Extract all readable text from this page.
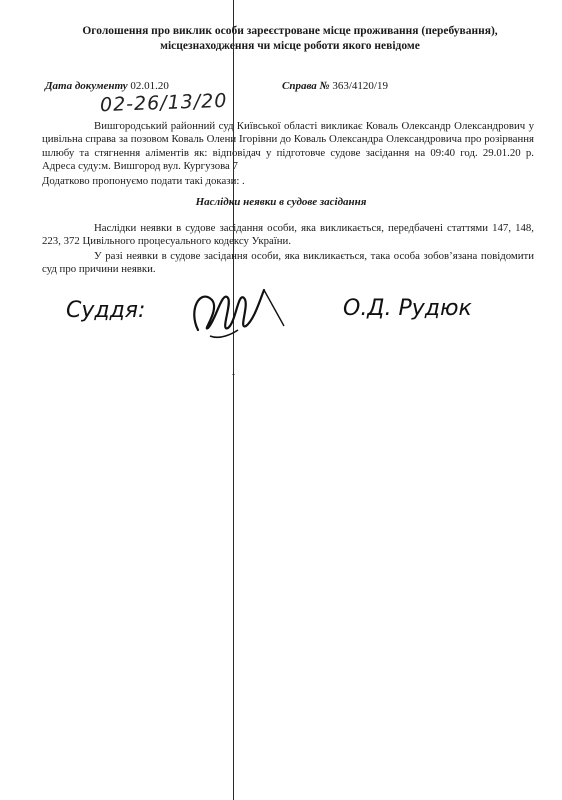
Оголошення про виклик особи зареєстроване місце проживання (перебування),
місцезнаходження чи місце роботи якого невідоме
Дата документу 02.01.20	Справа № 363/4120/19
02-26/13/20
Вишгородський районний суд Київської області викликає Коваль Олександр Олександрович у цивільна справа за позовом Коваль Олени Ігорівни до Коваль Олександра Олександровича про розірвання шлюбу та стягнення аліментів як: відповідач у підготовче судове засідання на 09:40 год. 29.01.20 р. Адреса суду:м. Вишгород вул. Кургузова 7
Додатково пропонуємо подати такі докази: .
Наслідки неявки в судове засідання
Наслідки неявки в судове засідання особи, яка викликається, передбачені статтями 147, 148, 223, 372 Цивільного процесуального кодексу України.
У разі неявки в судове засідання особи, яка викликається, така особа зобов’язана повідомити суд про причини неявки.
Суддя:	О.Д. Рудюк
ˉ
